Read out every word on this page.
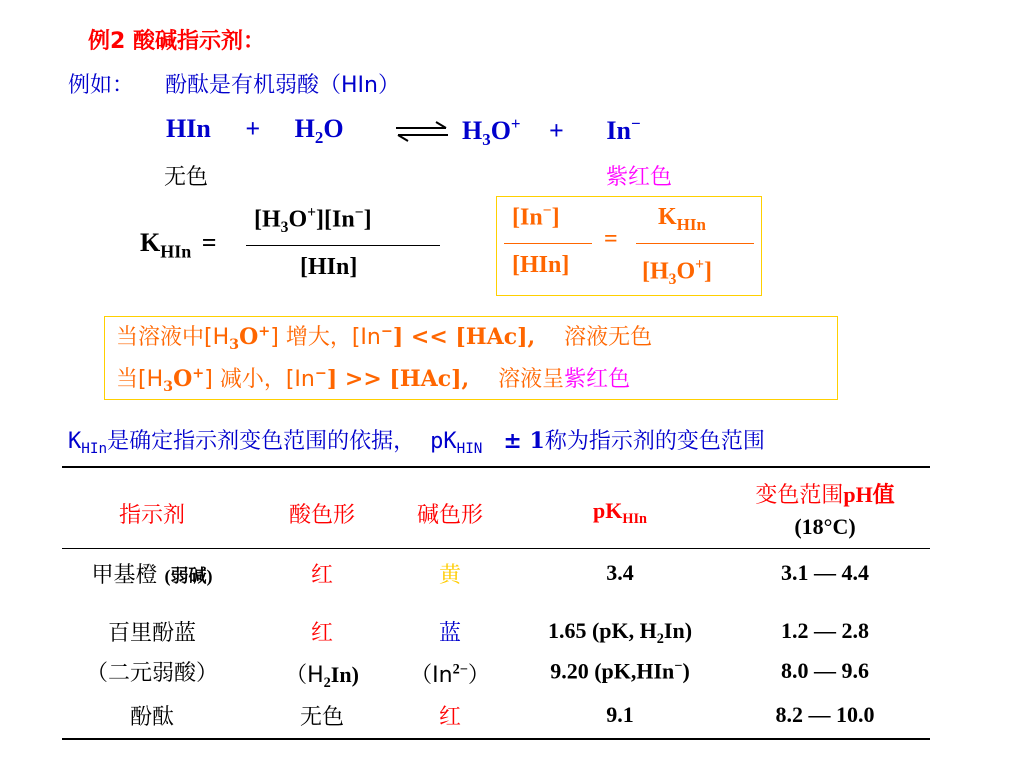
例2 酸碱指示剂：
例如： 酚酞是有机弱酸（HIn）
HIn + $H_2O$	⇌ $H_3O^+ + In^-$
无色	紫红色
$K_{HIn}$ =
$[H_3O^+][In^-]$
[HIn]
[In−]
[HIn]
=
$K_{HIn}$
$[H_3O^+]$
当溶液中$[H_3O^+]$ 增大，[In−] << [HAc], 溶液无色
当$[H_3O^+]$ 减小，[In−] >> [HAc], 溶液呈紫红色
$K_{HIn}$是确定指示剂变色范围的依据， $pK_{HIN} \pm 1$称为指示剂的变色范围
指示剂	酸色形	碱色形	$pK_{HIn}$
变色范围pH值
(18°C)
甲基橙 (弱碱)	红	黄	3.4	3.1 — 4.4
百里酚蓝	红	蓝	1.65 (pK, $H_2In$)	1.2 — 2.8
（二元弱酸）	$(H_2In)$	$(In^{2-})$	9.20 (pK,HIn−)	8.0 — 9.6
酚酞	无色	红	9.1	8.2 — 10.0
